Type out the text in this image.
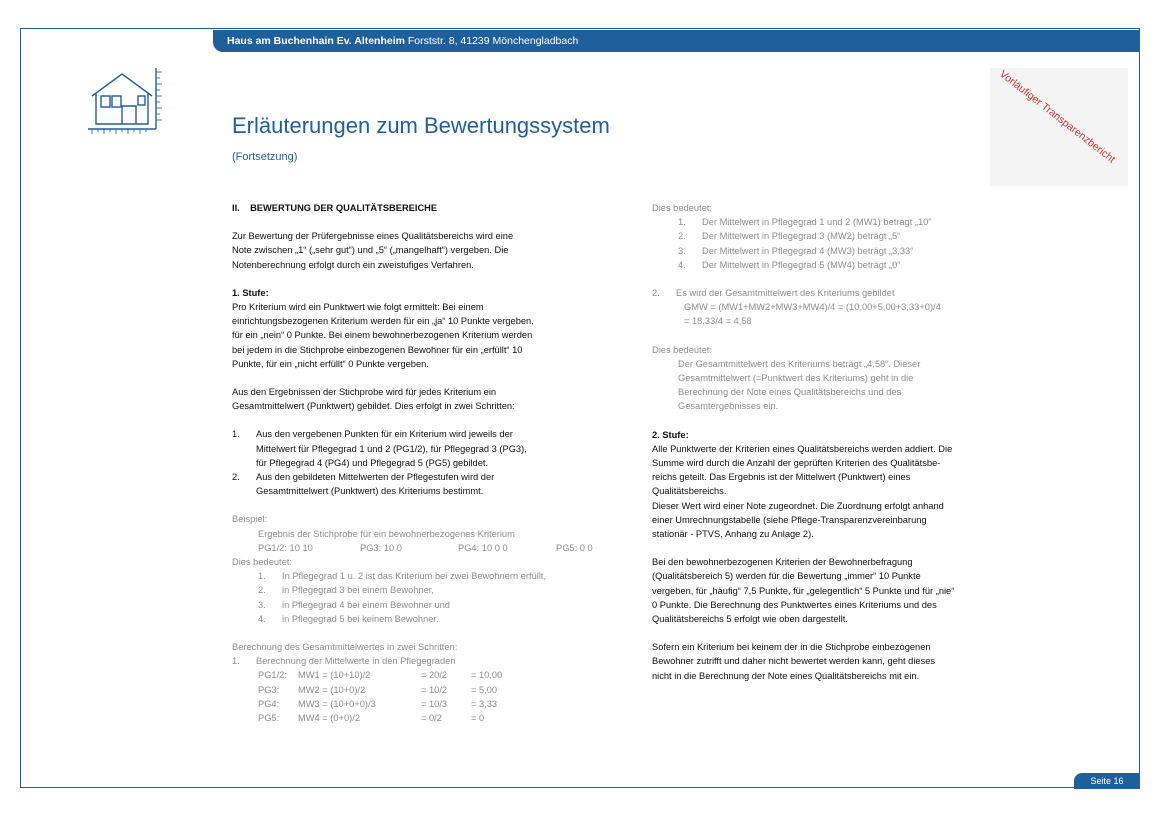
Haus am Buchenhain Ev. Altenheim Forststr. 8, 41239 Mönchengladbach
Erläuterungen zum Bewertungssystem
(Fortsetzung)	Vorläufiger Transparenzbericht

II. BEWERTUNG DER QUALITÄTSBEREICHE

Zur Bewertung der Prüfergebnisse eines Qualitätsbereichs wird eine

Note zwischen „1“ („sehr gut“) und „5“ („mangelhaft“) vergeben. Die

Notenberechnung erfolgt durch ein zweistufiges Verfahren.

1. Stufe:

Pro Kriterium wird ein Punktwert wie folgt ermittelt: Bei einem

einrichtungsbezogenen Kriterium werden für ein „ja“ 10 Punkte vergeben,

für ein „nein“ 0 Punkte. Bei einem bewohnerbezogenen Kriterium werden

bei jedem in die Stichprobe einbezogenen Bewohner für ein „erfüllt“ 10

Punkte, für ein „nicht erfüllt“ 0 Punkte vergeben.

Aus den Ergebnissen der Stichprobe wird für jedes Kriterium ein

Gesamtmittelwert (Punktwert) gebildet. Dies erfolgt in zwei Schritten:

1.	Aus den vergebenen Punkten für ein Kriterium wird jeweils der

Mittelwert für Pflegegrad 1 und 2 (PG1/2), für Pflegegrad 3 (PG3),

für Pflegegrad 4 (PG4) und Pflegegrad 5 (PG5) gebildet.

2.	Aus den gebildeten Mittelwerten der Pflegestufen wird der

Gesamtmittelwert (Punktwert) des Kriteriums bestimmt.

Beispiel:

Ergebnis der Stichprobe für ein bewohnerbezogenes Kriterium

PG1/2: 10 10	PG3: 10 0	PG4: 10 0 0	PG5: 0 0

Dies bedeutet:

1.	In Pflegegrad 1 u. 2 ist das Kriterium bei zwei Bewohnern erfüllt,
2.	in Pflegegrad 3 bei einem Bewohner,
3.	in Pflegegrad 4 bei einem Bewohner und
4.	in Pflegegrad 5 bei keinem Bewohner.

Berechnung des Gesamtmittelwertes in zwei Schritten:

1.	Berechnung der Mittelwerte in den Pflegegraden
PG1/2:	MW1 = (10+10)/2	= 20/2	= 10,00
PG3:	MW2 = (10+0)/2	= 10/2	= 5,00
PG4:	MW3 = (10+0+0)/3	= 10/3	= 3,33
PG5:	MW4 = (0+0)/2	= 0/2	= 0

Dies bedeutet:

1.	Der Mittelwert in Pflegegrad 1 und 2 (MW1) beträgt „10“
2.	Der Mittelwert in Pflegegrad 3 (MW2) beträgt „5“
3.	Der Mittelwert in Pflegegrad 4 (MW3) beträgt „3,33“
4.	Der Mittelwert in Pflegegrad 5 (MW4) beträgt „0“
2.	Es wird der Gesamtmittelwert des Kriteriums gebildet

GMW = (MW1+MW2+MW3+MW4)/4 = (10,00+5,00+3,33+0)/4

= 18,33/4 = 4,58

Dies bedeutet:

Der Gesamtmittelwert des Kriteriums beträgt „4,58“. Dieser

Gesamtmittelwert (=Punktwert des Kriteriums) geht in die

Berechnung der Note eines Qualitätsbereichs und des

Gesamtergebnisses ein.

2. Stufe:

Alle Punktwerte der Kriterien eines Qualitätsbereichs werden addiert. Die

Summe wird durch die Anzahl der geprüften Kriterien des Qualitätsbe-

reichs geteilt. Das Ergebnis ist der Mittelwert (Punktwert) eines

Qualitätsbereichs.

Dieser Wert wird einer Note zugeordnet. Die Zuordnung erfolgt anhand

einer Umrechnungstabelle (siehe Pflege-Transparenzvereinbarung

stationär - PTVS, Anhang zu Anlage 2).

Bei den bewohnerbezogenen Kriterien der Bewohnerbefragung

(Qualitätsbereich 5) werden für die Bewertung „immer“ 10 Punkte

vergeben, für „häufig“ 7,5 Punkte, für „gelegentlich“ 5 Punkte und für „nie“

0 Punkte. Die Berechnung des Punktwertes eines Kriteriums und des

Qualitätsbereichs 5 erfolgt wie oben dargestellt.

Sofern ein Kriterium bei keinem der in die Stichprobe einbezogenen

Bewohner zutrifft und daher nicht bewertet werden kann, geht dieses

nicht in die Berechnung der Note eines Qualitätsbereichs mit ein.

Seite 16
